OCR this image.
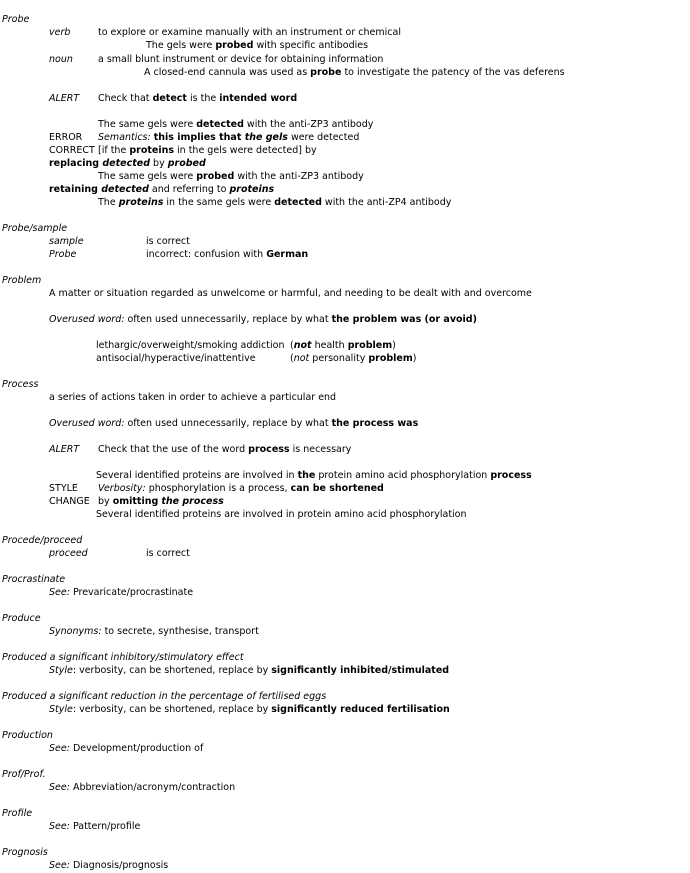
Probe
verb	to explore or examine manually with an instrument or chemical
The gels were probed with specific antibodies
noun	a small blunt instrument or device for obtaining information
A closed-end cannula was used as probe to investigate the patency of the vas deferens
ALERT Check that detect is the intended word
The same gels were detected with the anti-ZP3 antibody
ERROR Semantics: this implies that the gels were detected
CORRECT [if the proteins in the gels were detected] by
replacing detected by probed
The same gels were probed with the anti-ZP3 antibody
retaining detected and referring to proteins
The proteins in the same gels were detected with the anti-ZP4 antibody
Probe/sample
sample	is correct
Probe	incorrect: confusion with German
Problem
A matter or situation regarded as unwelcome or harmful, and needing to be dealt with and overcome
Overused word: often used unnecessarily, replace by what the problem was (or avoid)
lethargic/overweight/smoking addiction (not health problem)
antisocial/hyperactive/inattentive	(not personality problem)
Process
a series of actions taken in order to achieve a particular end
Overused word: often used unnecessarily, replace by what the process was
ALERT Check that the use of the word process is necessary
Several identified proteins are involved in the protein amino acid phosphorylation process
STYLE Verbosity: phosphorylation is a process, can be shortened
CHANGE by omitting the process
Several identified proteins are involved in protein amino acid phosphorylation
Procede/proceed
proceed	is correct
Procrastinate
See: Prevaricate/procrastinate
Produce
Synonyms: to secrete, synthesise, transport
Produced a significant inhibitory/stimulatory effect
Style: verbosity, can be shortened, replace by significantly inhibited/stimulated
Produced a significant reduction in the percentage of fertilised eggs
Style: verbosity, can be shortened, replace by significantly reduced fertilisation
Production
See: Development/production of
Prof/Prof.
See: Abbreviation/acronym/contraction
Profile
See: Pattern/profile
Prognosis
See: Diagnosis/prognosis
